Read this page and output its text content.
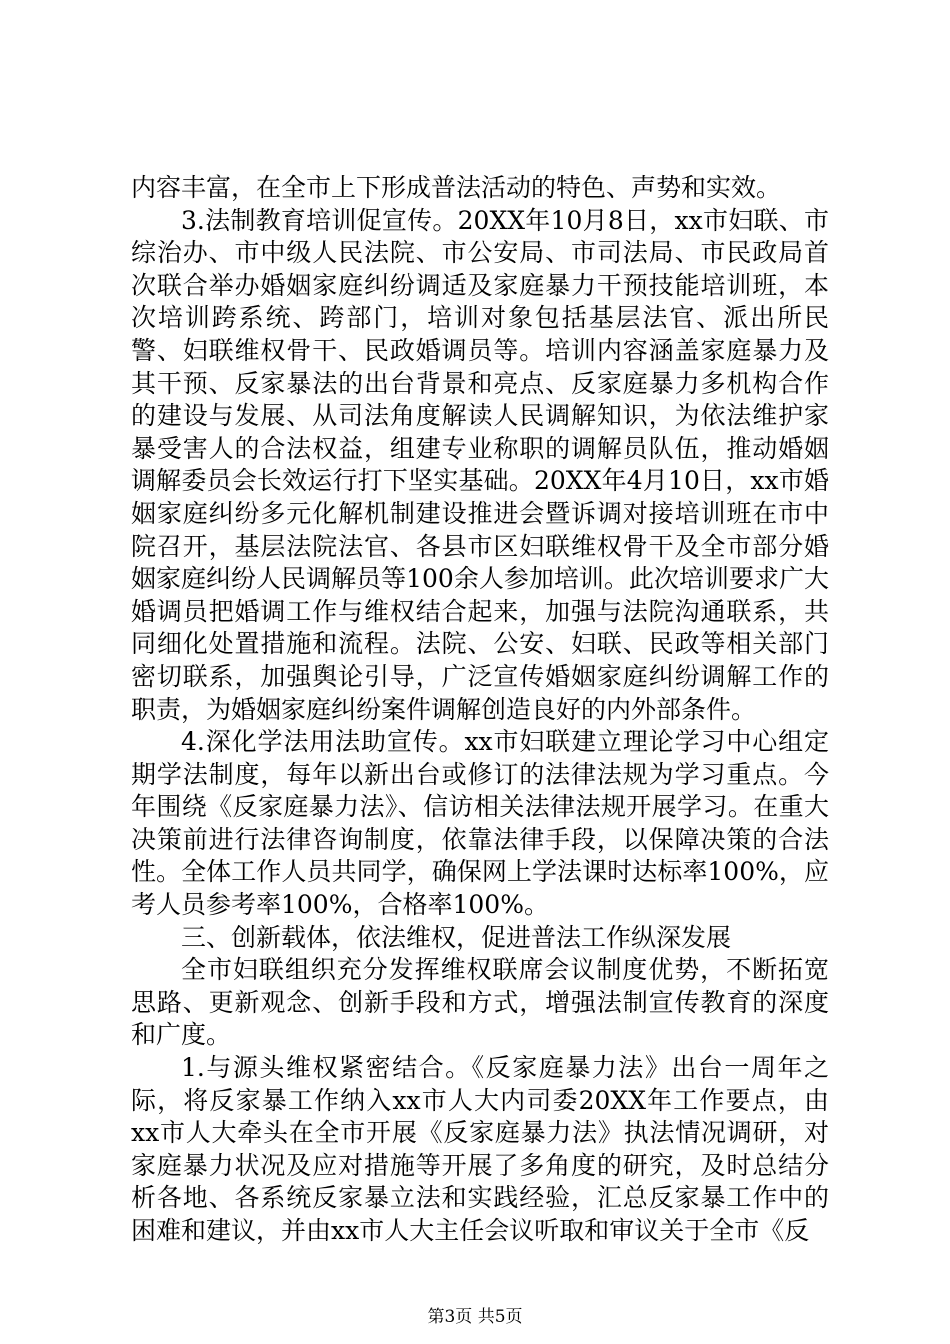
内容丰富，在全市上下形成普法活动的特色、声势和实效。

3.法制教育培训促宣传。20XX年10月8日，xx市妇联、市综治办、市中级人民法院、市公安局、市司法局、市民政局首次联合举办婚姻家庭纠纷调适及家庭暴力干预技能培训班，本次培训跨系统、跨部门，培训对象包括基层法官、派出所民警、妇联维权骨干、民政婚调员等。培训内容涵盖家庭暴力及其干预、反家暴法的出台背景和亮点、反家庭暴力多机构合作的建设与发展、从司法角度解读人民调解知识，为依法维护家暴受害人的合法权益，组建专业称职的调解员队伍，推动婚姻调解委员会长效运行打下坚实基础。20XX年4月10日，xx市婚姻家庭纠纷多元化解机制建设推进会暨诉调对接培训班在市中院召开，基层法院法官、各县市区妇联维权骨干及全市部分婚姻家庭纠纷人民调解员等100余人参加培训。此次培训要求广大婚调员把婚调工作与维权结合起来，加强与法院沟通联系，共同细化处置措施和流程。法院、公安、妇联、民政等相关部门密切联系，加强舆论引导，广泛宣传婚姻家庭纠纷调解工作的职责，为婚姻家庭纠纷案件调解创造良好的内外部条件。

4.深化学法用法助宣传。xx市妇联建立理论学习中心组定期学法制度，每年以新出台或修订的法律法规为学习重点。今年围绕《反家庭暴力法》、信访相关法律法规开展学习。在重大决策前进行法律咨询制度，依靠法律手段，以保障决策的合法性。全体工作人员共同学，确保网上学法课时达标率100%，应考人员参考率100%，合格率100%。

三、创新载体，依法维权，促进普法工作纵深发展

全市妇联组织充分发挥维权联席会议制度优势，不断拓宽思路、更新观念、创新手段和方式，增强法制宣传教育的深度和广度。

1.与源头维权紧密结合。《反家庭暴力法》出台一周年之际，将反家暴工作纳入xx市人大内司委20XX年工作要点，由xx市人大牵头在全市开展《反家庭暴力法》执法情况调研，对家庭暴力状况及应对措施等开展了多角度的研究，及时总结分析各地、各系统反家暴立法和实践经验，汇总反家暴工作中的困难和建议，并由xx市人大主任会议听取和审议关于全市《反

第3页 共5页
